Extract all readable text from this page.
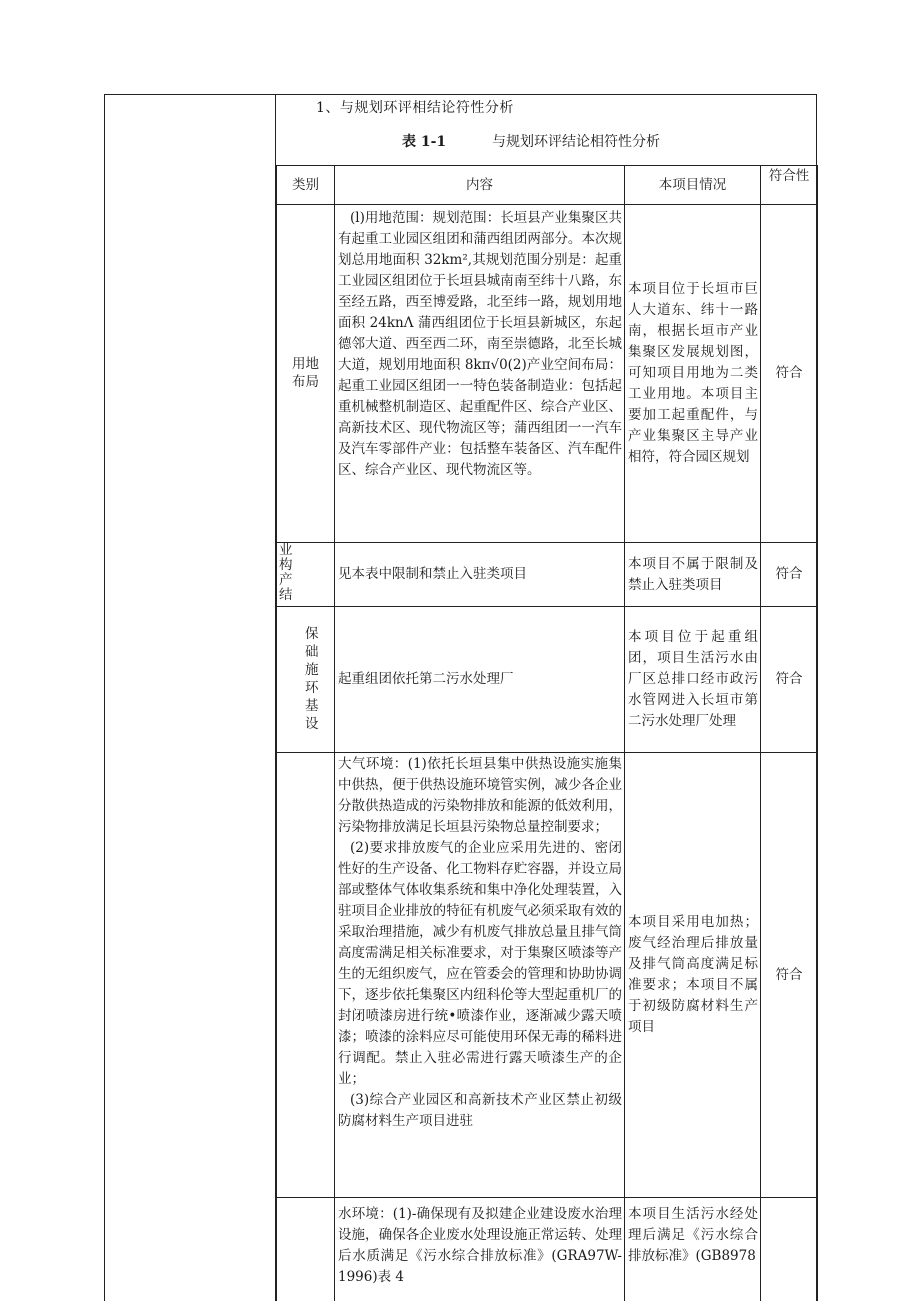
1、与规划环评相结论符性分析
表 1-1	与规划环评结论相符性分析
类别	内容	本项目情况	符合性
用地布局	(l)用地范围：规划范围：长垣县产业集聚区共有起重工业园区组团和蒲西组团两部分。本次规划总用地面积 32km²,其规划范围分别是：起重工业园区组团位于长垣县城南南至纬十八路，东至经五路，西至博爱路，北至纬一路，规划用地面积 24knΛ 蒲西组团位于长垣县新城区，东起德邻大道、西至西二环，南至崇德路，北至长城大道，规划用地面积 8kπ√0(2)产业空间布局：起重工业园区组团一一特色装备制造业：包括起重机械整机制造区、起重配件区、综合产业区、高新技术区、现代物流区等；蒲西组团一一汽车及汽车零部件产业：包括整车装备区、汽车配件区、综合产业区、现代物流区等。	本项目位于长垣市巨人大道东、纬十一路南，根据长垣市产业集聚区发展规划图，可知项目用地为二类工业用地。本项目主要加工起重配件，与产业集聚区主导产业相符，符合园区规划	符合
业构产结	见本表中限制和禁止入驻类项目	本项目不属于限制及禁止入驻类项目	符合
保础施环基设	起重组团依托第二污水处理厂	本项目位于起重组团，项目生活污水由厂区总排口经市政污水管网进入长垣市第二污水处理厂处理	符合

	大气环境：(1)依托长垣县集中供热设施实施集中供热，便于供热设施环境管实例，减少各企业分散供热造成的污染物排放和能源的低效利用，污染物排放满足长垣县污染物总量控制要求；
(2)要求排放废气的企业应采用先进的、密闭性好的生产设备、化工物料存贮容器，并设立局部或整体气体收集系统和集中净化处理装置，入驻项目企业排放的特征有机废气必须采取有效的采取治理措施，减少有机废气排放总量且排气筒高度需满足相关标准要求，对于集聚区喷漆等产生的无组织废气，应在管委会的管理和协助协调下，逐步依托集聚区内纽科伦等大型起重机厂的封闭喷漆房进行统•喷漆作业，逐渐减少露天喷漆；喷漆的涂料应尽可能使用环保无毒的稀料进行调配。禁止入驻必需进行露天喷漆生产的企业；
(3)综合产业园区和高新技术产业区禁止初级防腐材料生产项目进驻	本项目采用电加热；废气经治理后排放量及排气筒高度满足标准要求；本项目不属于初级防腐材料生产项目	符合
	水环境：(1)-确保现有及拟建企业建设废水治理设施，确保各企业废水处理设施正常运转、处理后水质满足《污水综合排放标准》(GRA97W-1996)表 4	本项目生活污水经处理后满足《污水综合排放标准》(GB8978	
